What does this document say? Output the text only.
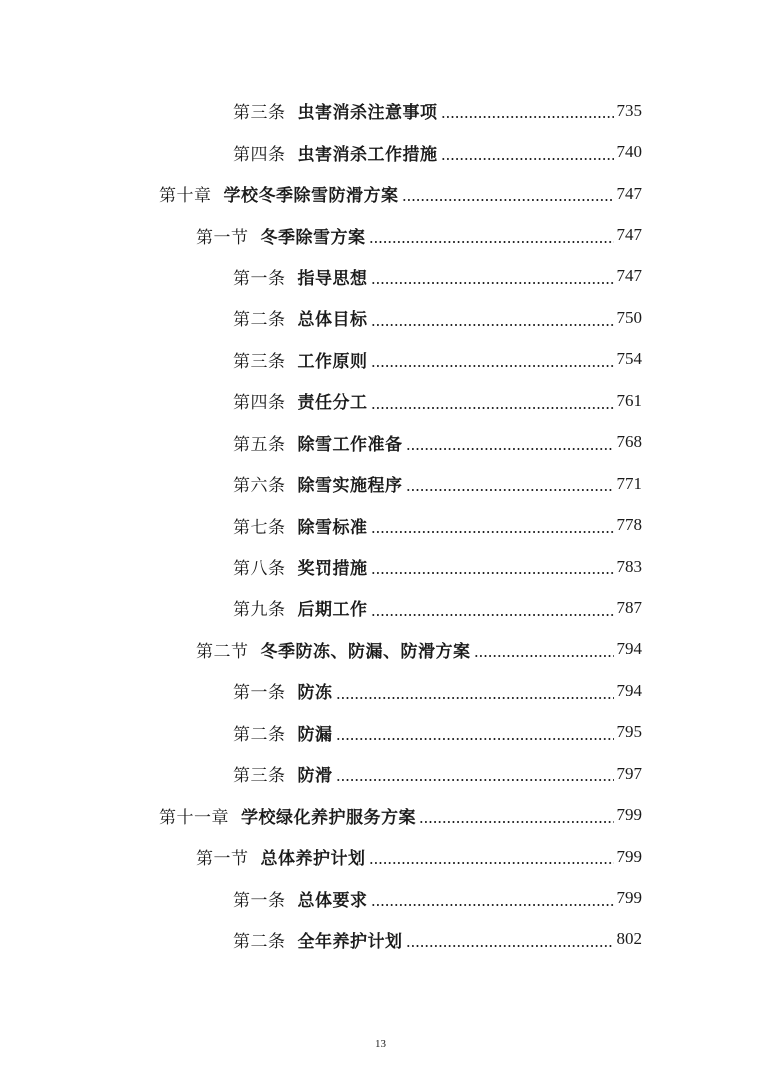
第三条 虫害消杀注意事项	735
第四条 虫害消杀工作措施	740
第十章 学校冬季除雪防滑方案	747
第一节 冬季除雪方案	747
第一条 指导思想	747
第二条 总体目标	750
第三条 工作原则	754
第四条 责任分工	761
第五条 除雪工作准备	768
第六条 除雪实施程序	771
第七条 除雪标准	778
第八条 奖罚措施	783
第九条 后期工作	787
第二节 冬季防冻、防漏、防滑方案	794
第一条 防冻	794
第二条 防漏	795
第三条 防滑	797
第十一章 学校绿化养护服务方案	799
第一节 总体养护计划	799
第一条 总体要求	799
第二条 全年养护计划	802
13
